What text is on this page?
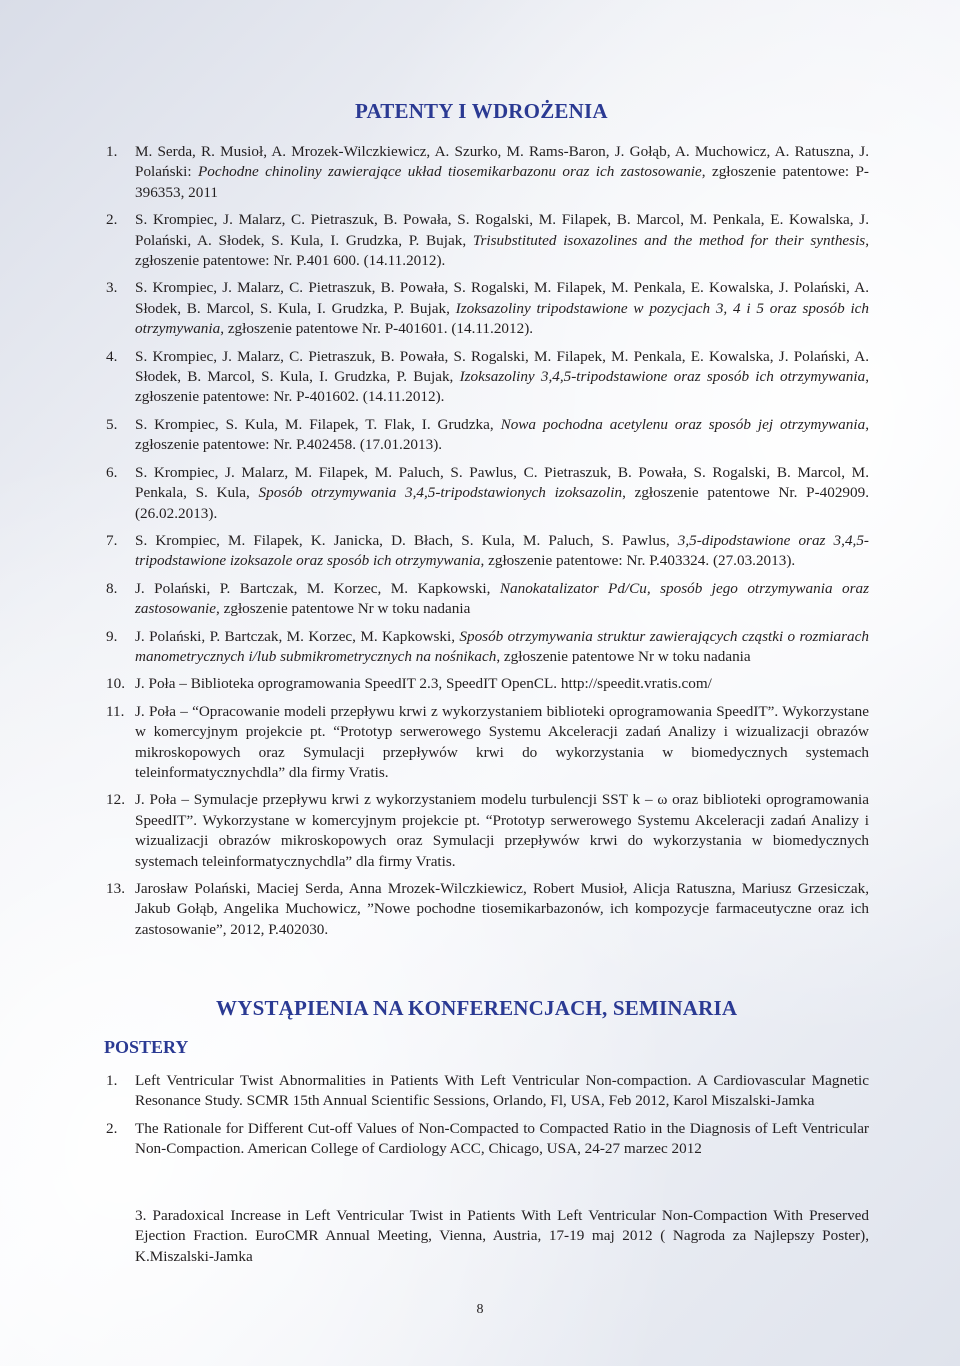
PATENTY I WDROŻENIA
1. M. Serda, R. Musioł, A. Mrozek-Wilczkiewicz, A. Szurko, M. Rams-Baron, J. Gołąb, A. Muchowicz, A. Ratuszna, J. Polański: Pochodne chinoliny zawierające układ tiosemikarbazonu oraz ich zastosowanie, zgłoszenie patentowe: P-396353, 2011
2. S. Krompiec, J. Malarz, C. Pietraszuk, B. Powała, S. Rogalski, M. Filapek, B. Marcol, M. Penkala, E. Kowalska, J. Polański, A. Słodek, S. Kula, I. Grudzka, P. Bujak, Trisubstituted isoxazolines and the method for their synthesis, zgłoszenie patentowe: Nr. P.401 600. (14.11.2012).
3. S. Krompiec, J. Malarz, C. Pietraszuk, B. Powała, S. Rogalski, M. Filapek, M. Penkala, E. Kowalska, J. Polański, A. Słodek, B. Marcol, S. Kula, I. Grudzka, P. Bujak, Izoksazoliny tripodstawione w pozycjach 3, 4 i 5 oraz sposób ich otrzymywania, zgłoszenie patentowe Nr. P-401601. (14.11.2012).
4. S. Krompiec, J. Malarz, C. Pietraszuk, B. Powała, S. Rogalski, M. Filapek, M. Penkala, E. Kowalska, J. Polański, A. Słodek, B. Marcol, S. Kula, I. Grudzka, P. Bujak, Izoksazoliny 3,4,5-tripodstawione oraz sposób ich otrzymywania, zgłoszenie patentowe: Nr. P-401602. (14.11.2012).
5. S. Krompiec, S. Kula, M. Filapek, T. Flak, I. Grudzka, Nowa pochodna acetylenu oraz sposób jej otrzymywania, zgłoszenie patentowe: Nr. P.402458. (17.01.2013).
6. S. Krompiec, J. Malarz, M. Filapek, M. Paluch, S. Pawlus, C. Pietraszuk, B. Powała, S. Rogalski, B. Marcol, M. Penkala, S. Kula, Sposób otrzymywania 3,4,5-tripodstawionych izoksazolin, zgłoszenie patentowe Nr. P-402909. (26.02.2013).
7. S. Krompiec, M. Filapek, K. Janicka, D. Błach, S. Kula, M. Paluch, S. Pawlus, 3,5-dipodstawione oraz 3,4,5-tripodstawione izoksazole oraz sposób ich otrzymywania, zgłoszenie patentowe: Nr. P.403324. (27.03.2013).
8. J. Polański, P. Bartczak, M. Korzec, M. Kapkowski, Nanokatalizator Pd/Cu, sposób jego otrzymywania oraz zastosowanie, zgłoszenie patentowe Nr w toku nadania
9. J. Polański, P. Bartczak, M. Korzec, M. Kapkowski, Sposób otrzymywania struktur zawierających cząstki o rozmiarach manometrycznych i/lub submikrometrycznych na nośnikach, zgłoszenie patentowe Nr w toku nadania
10. J. Poła – Biblioteka oprogramowania SpeedIT 2.3, SpeedIT OpenCL. http://speedit.vratis.com/
11. J. Poła – “Opracowanie modeli przepływu krwi z wykorzystaniem biblioteki oprogramowania SpeedIT”. Wykorzystane w komercyjnym projekcie pt. “Prototyp serwerowego Systemu Akceleracji zadań Analizy i wizualizacji obrazów mikroskopowych oraz Symulacji przepływów krwi do wykorzystania w biomedycznych systemach teleinformatycznychdla” dla firmy Vratis.
12. J. Poła – Symulacje przepływu krwi z wykorzystaniem modelu turbulencji SST k – ω oraz biblioteki oprogramowania SpeedIT”. Wykorzystane w komercyjnym projekcie pt. “Prototyp serwerowego Systemu Akceleracji zadań Analizy i wizualizacji obrazów mikroskopowych oraz Symulacji przepływów krwi do wykorzystania w biomedycznych systemach teleinformatycznychdla” dla firmy Vratis.
13. Jarosław Polański, Maciej Serda, Anna Mrozek-Wilczkiewicz, Robert Musioł, Alicja Ratuszna, Mariusz Grzesiczak, Jakub Gołąb, Angelika Muchowicz, ”Nowe pochodne tiosemikarbazonów, ich kompozycje farmaceutyczne oraz ich zastosowanie”, 2012, P.402030.
WYSTĄPIENIA NA KONFERENCJACH, SEMINARIA
POSTERY
1. Left Ventricular Twist Abnormalities in Patients With Left Ventricular Non-compaction. A Cardiovascular Magnetic Resonance Study. SCMR 15th Annual Scientific Sessions, Orlando, Fl, USA, Feb 2012, Karol Miszalski-Jamka
2. The Rationale for Different Cut-off Values of Non-Compacted to Compacted Ratio in the Diagnosis of Left Ventricular Non-Compaction. American College of Cardiology ACC, Chicago, USA, 24-27 marzec 2012

3. Paradoxical Increase in Left Ventricular Twist in Patients With Left Ventricular Non-Compaction With Preserved Ejection Fraction. EuroCMR Annual Meeting, Vienna, Austria, 17-19 maj 2012 ( Nagroda za Najlepszy Poster), K.Miszalski-Jamka

8
